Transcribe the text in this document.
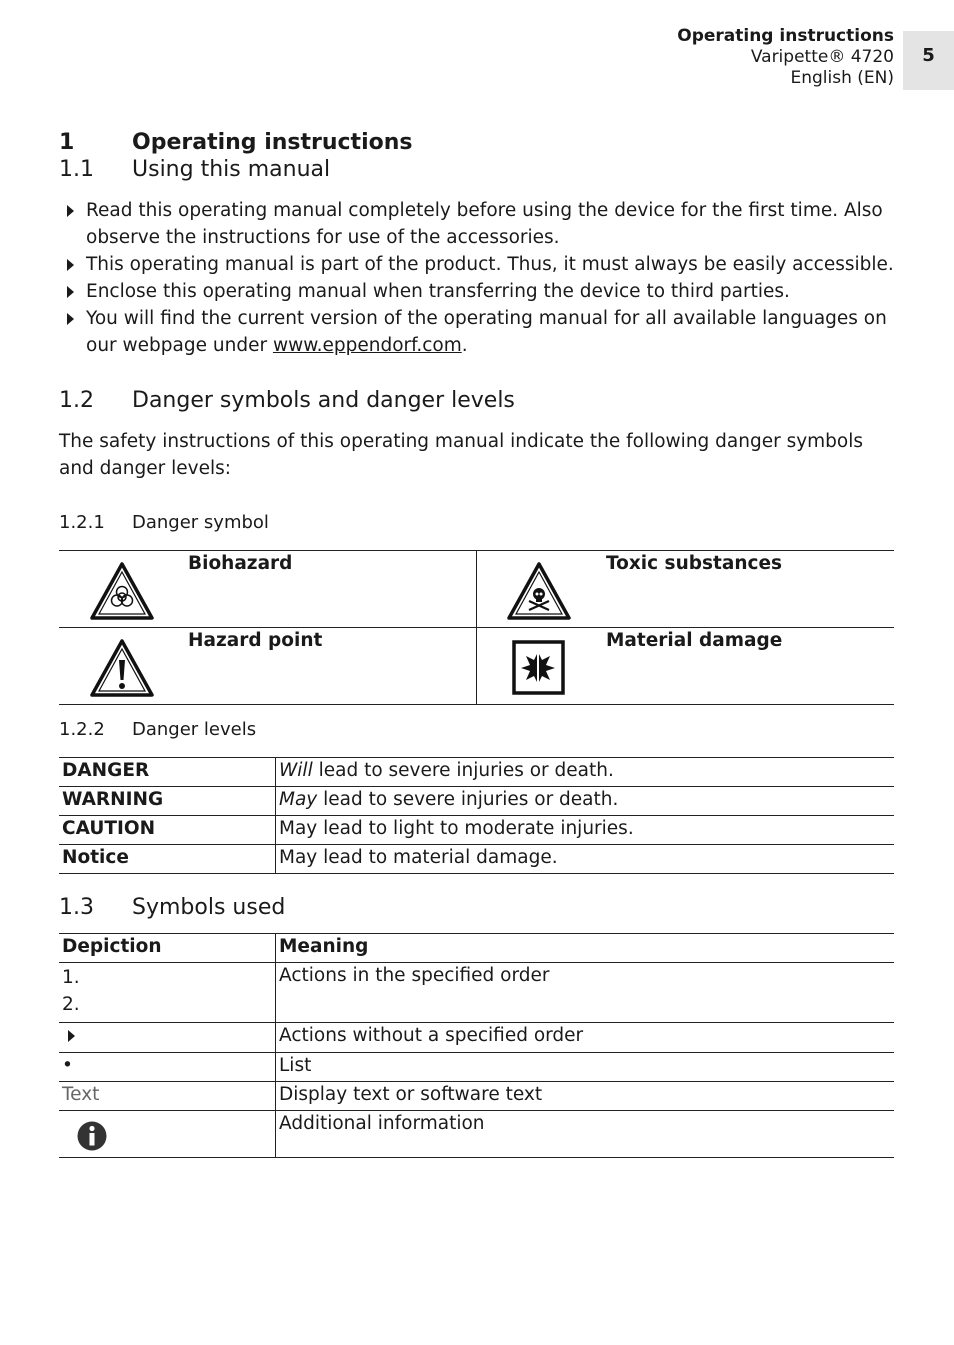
Operating instructions
Varipette® 4720
English (EN)
5
1	Operating instructions
1.1 Using this manual
Read this operating manual completely before using the device for the first time. Also observe the instructions for use of the accessories.
This operating manual is part of the product. Thus, it must always be easily accessible.
Enclose this operating manual when transferring the device to third parties.
You will find the current version of the operating manual for all available languages on our webpage under www.eppendorf.com.
1.2 Danger symbols and danger levels
The safety instructions of this operating manual indicate the following danger symbols and danger levels:
1.2.1 Danger symbol
Biohazard	Toxic substances
Hazard point	Material damage
1.2.2 Danger levels
DANGER	Will lead to severe injuries or death.
WARNING	May lead to severe injuries or death.
CAUTION	May lead to light to moderate injuries.
Notice	May lead to material damage.
1.3 Symbols used
Depiction	Meaning

1.
2.	Actions in the specified order
	Actions without a specified order
•	List
Text	Display text or software text

	Additional information
